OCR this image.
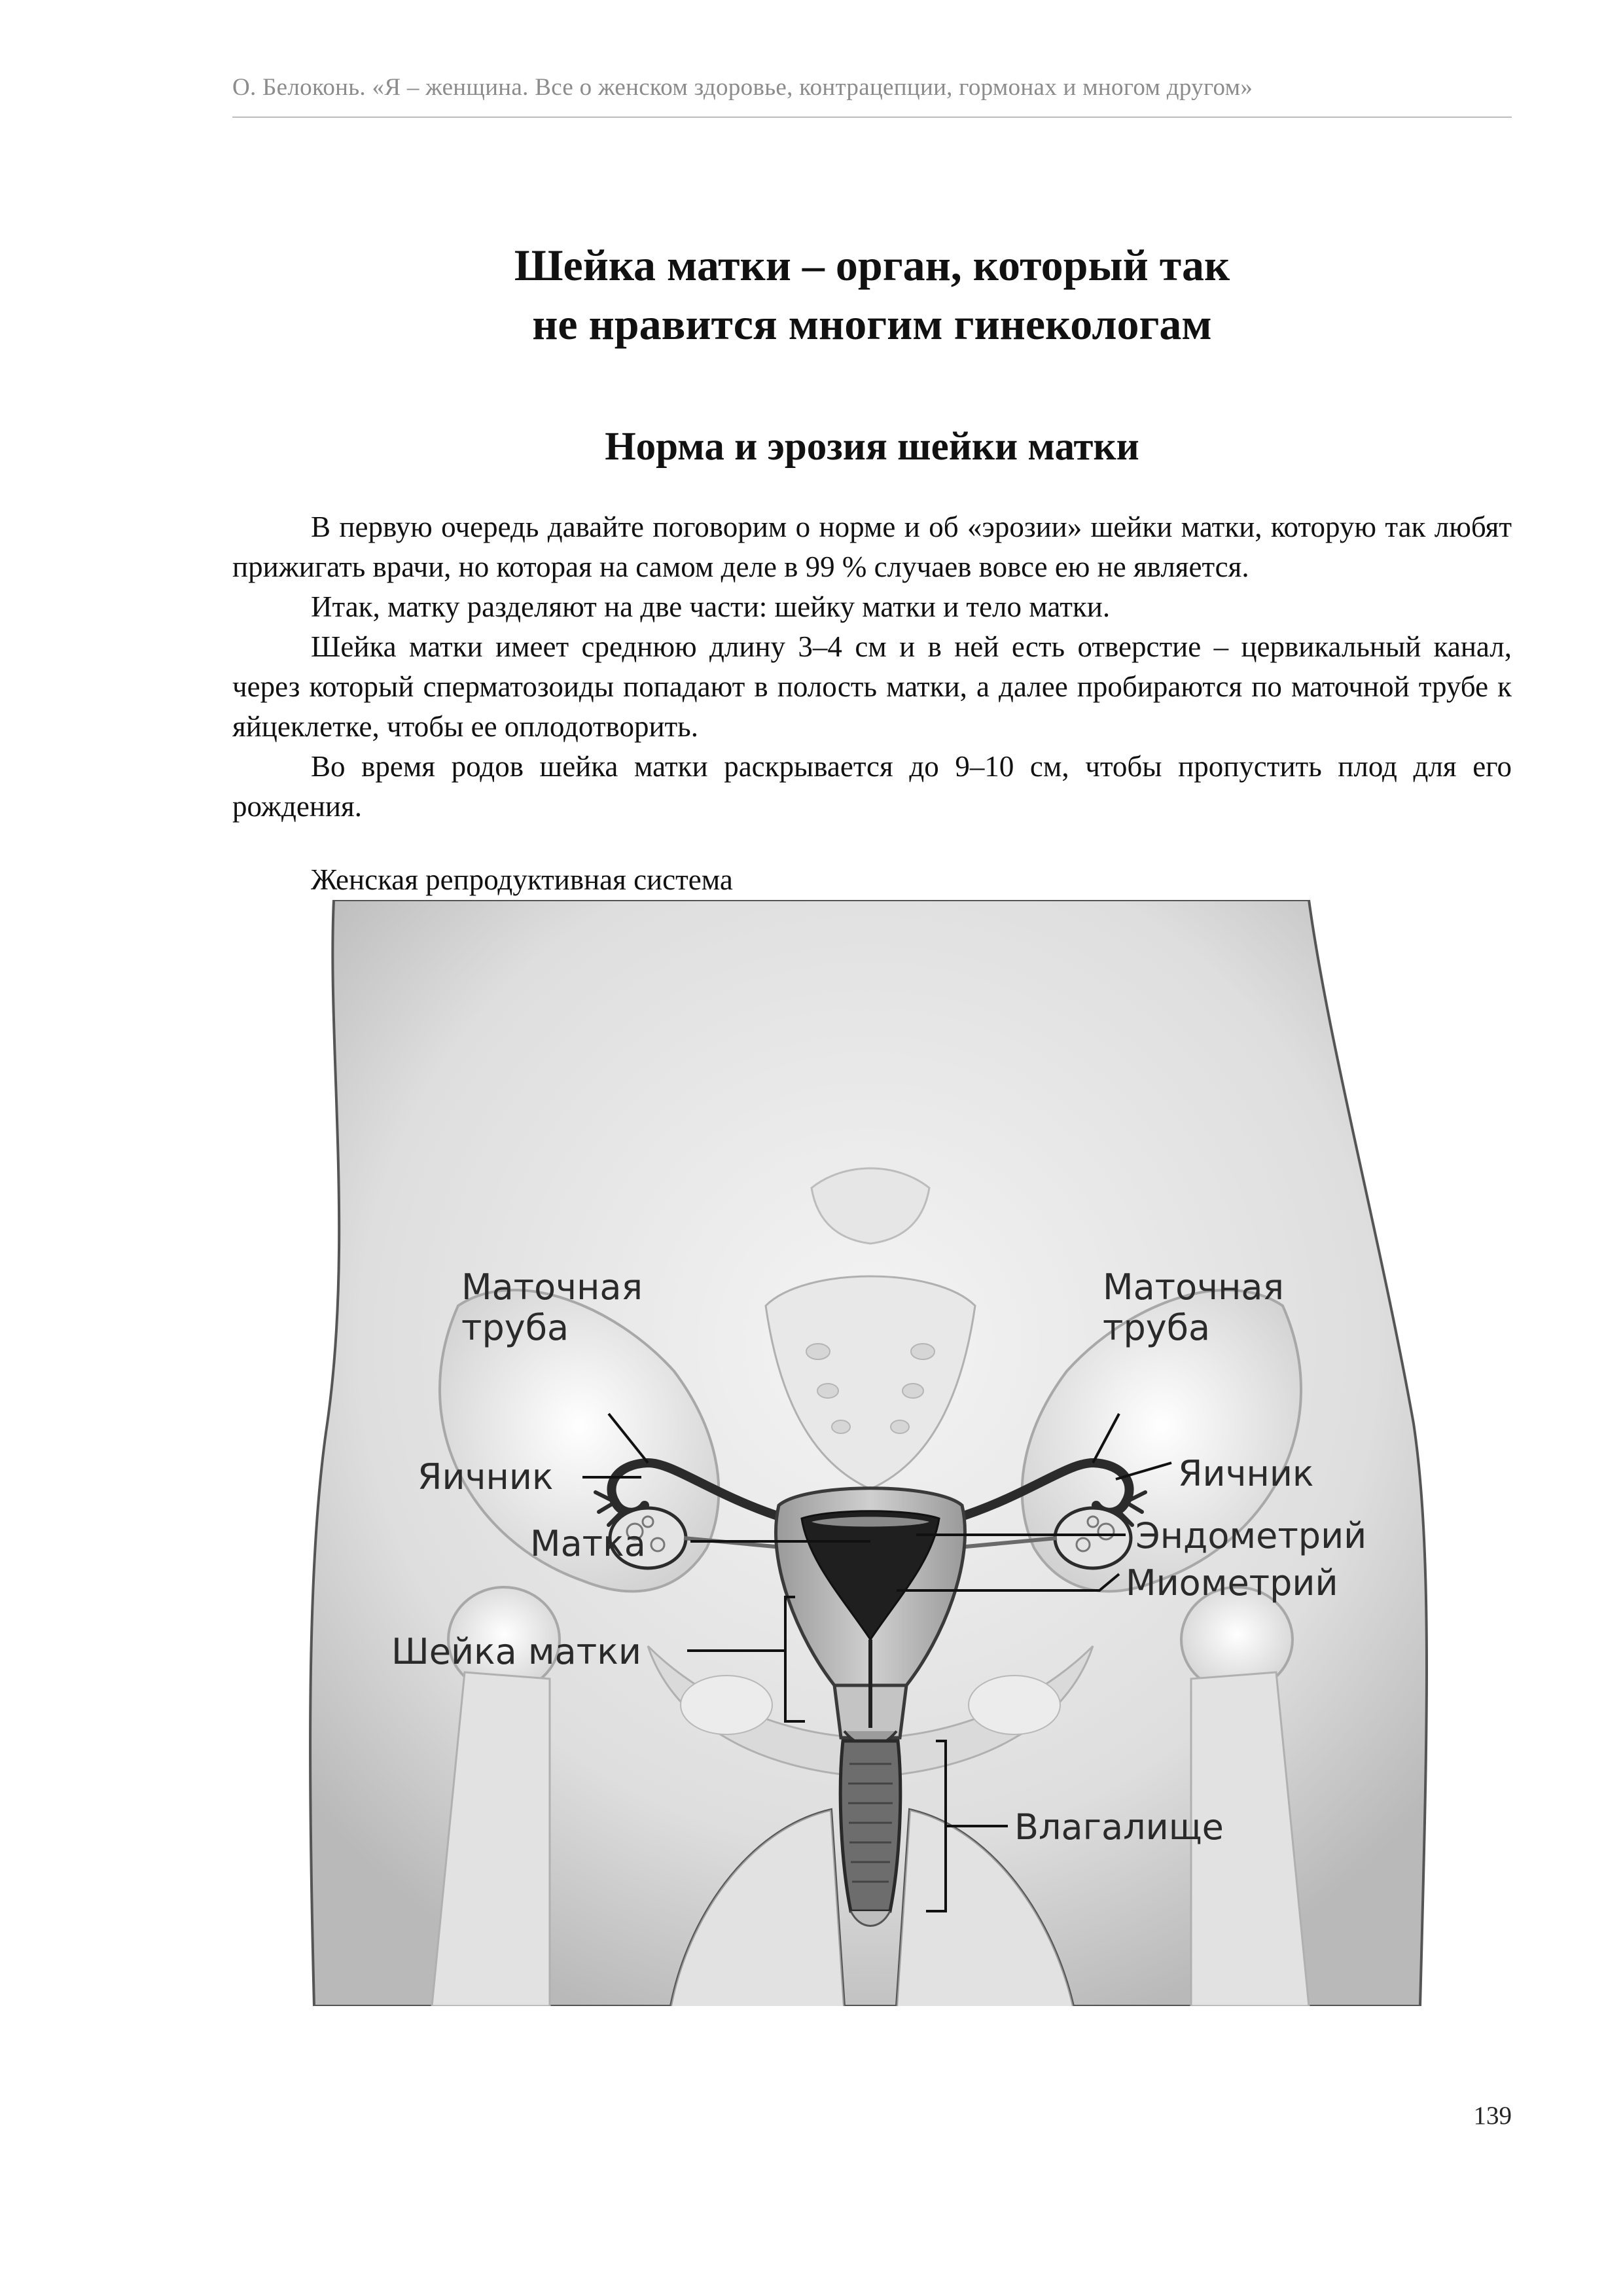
О. Белоконь. «Я – женщина. Все о женском здоровье, контрацепции, гормонах и многом другом»
Шейка матки – орган, который так
не нравится многим гинекологам
Норма и эрозия шейки матки

В первую очередь давайте поговорим о норме и об «эрозии» шейки матки, которую так любят прижигать врачи, но которая на самом деле в 99 % случаев вовсе ею не является.

Итак, матку разделяют на две части: шейку матки и тело матки.

Шейка матки имеет среднюю длину 3–4 см и в ней есть отверстие – цервикальный канал, через который сперматозоиды попадают в полость матки, а далее пробираются по маточной трубе к яйцеклетке, чтобы ее оплодотворить.

Во время родов шейка матки раскрывается до 9–10 см, чтобы пропустить плод для его рождения.

Женская репродуктивная система
Маточная
труба
Маточная
труба
Яичник	Яичник
Матка	Эндометрий
Миометрий
Шейка матки
Влагалище
139
